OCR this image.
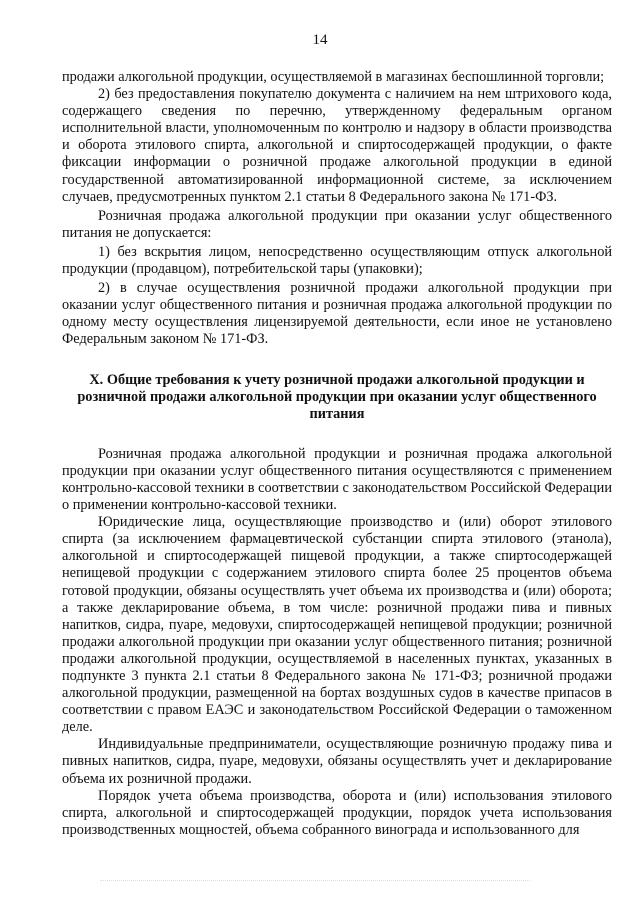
14

продажи алкогольной продукции, осуществляемой в магазинах беспошлинной торговли;

2) без предоставления покупателю документа с наличием на нем штрихового кода, содержащего сведения по перечню, утвержденному федеральным органом исполнительной власти, уполномоченным по контролю и надзору в области производства и оборота этилового спирта, алкогольной и спиртосодержащей продукции, о факте фиксации информации о розничной продаже алкогольной продукции в единой государственной автоматизированной информационной системе, за исключением случаев, предусмотренных пунктом 2.1 статьи 8 Федерального закона № 171-ФЗ.

Розничная продажа алкогольной продукции при оказании услуг общественного питания не допускается:

1) без вскрытия лицом, непосредственно осуществляющим отпуск алкогольной продукции (продавцом), потребительской тары (упаковки);

2) в случае осуществления розничной продажи алкогольной продукции при оказании услуг общественного питания и розничная продажа алкогольной продукции по одному месту осуществления лицензируемой деятельности, если иное не установлено Федеральным законом № 171-ФЗ.

X. Общие требования к учету розничной продажи алкогольной продукции и розничной продажи алкогольной продукции при оказании услуг общественного питания

Розничная продажа алкогольной продукции и розничная продажа алкогольной продукции при оказании услуг общественного питания осуществляются с применением контрольно-кассовой техники в соответствии с законодательством Российской Федерации о применении контрольно-кассовой техники.

Юридические лица, осуществляющие производство и (или) оборот этилового спирта (за исключением фармацевтической субстанции спирта этилового (этанола), алкогольной и спиртосодержащей пищевой продукции, а также спиртосодержащей непищевой продукции с содержанием этилового спирта более 25 процентов объема готовой продукции, обязаны осуществлять учет объема их производства и (или) оборота; а также декларирование объема, в том числе: розничной продажи пива и пивных напитков, сидра, пуаре, медовухи, спиртосодержащей непищевой продукции; розничной продажи алкогольной продукции при оказании услуг общественного питания; розничной продажи алкогольной продукции, осуществляемой в населенных пунктах, указанных в подпункте 3 пункта 2.1 статьи 8 Федерального закона № 171-ФЗ; розничной продажи алкогольной продукции, размещенной на бортах воздушных судов в качестве припасов в соответствии с правом ЕАЭС и законодательством Российской Федерации о таможенном деле.

Индивидуальные предприниматели, осуществляющие розничную продажу пива и пивных напитков, сидра, пуаре, медовухи, обязаны осуществлять учет и декларирование объема их розничной продажи.

Порядок учета объема производства, оборота и (или) использования этилового спирта, алкогольной и спиртосодержащей продукции, порядок учета использования производственных мощностей, объема собранного винограда и использованного для
